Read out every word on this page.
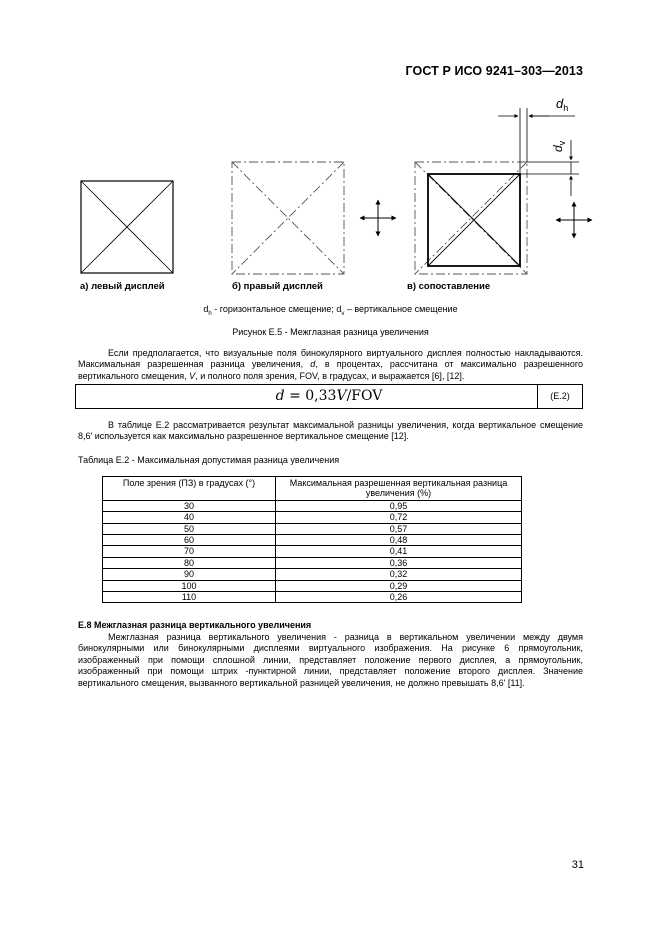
ГОСТ Р ИСО 9241–303—2013
$d_h$
$d_v$
а) левый дисплей	б) правый дисплей	в) сопоставление
$d_h$ - горизонтальное смещение; $d_v$ – вертикальное смещение
Рисунок Е.5 - Межглазная разница увеличения

Если предполагается, что визуальные поля бинокулярного виртуального дисплея полностью накладываются. Максимальная разрешенная разница увеличения, d, в процентах, рассчитана от максимально разрешенного вертикального смещения, V, и полного поля зрения, FOV, в градусах, и выражается [6], [12].

d = 0,33V/FOV	(Е.2)

В таблице Е.2 рассматривается результат максимальной разницы увеличения, когда вертикальное смещение 8,6' используется как максимально разрешенное вертикальное смещение [12].

Таблица Е.2 - Максимальная допустимая разница увеличения
Поле зрения (ПЗ) в градусах (°)	Максимальная разрешенная вертикальная разница увеличения (%)
30	0,95
40	0,72
50	0,57
60	0,48
70	0,41
80	0,36
90	0,32
100	0,29
110	0,26
Е.8 Межглазная разница вертикального увеличения

Межглазная разница вертикального увеличения - разница в вертикальном увеличении между двумя бинокулярными или бинокулярными дисплеями виртуального изображения. На рисунке 6 прямоугольник, изображенный при помощи сплошной линии, представляет положение первого дисплея, а прямоугольник, изображенный при помощи штрих -пунктирной линии, представляет положение второго дисплея. Значение вертикального смещения, вызванного вертикальной разницей увеличения, не должно превышать 8,6' [11].

31
